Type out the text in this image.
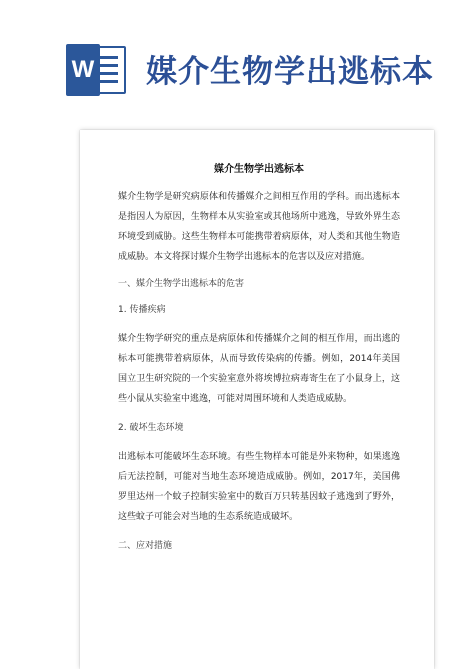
W 媒介生物学出逃标本
媒介生物学出逃标本

媒介生物学是研究病原体和传播媒介之间相互作用的学科。而出逃标本是指因人为原因，生物样本从实验室或其他场所中逃逸，导致外界生态环境受到威胁。这些生物样本可能携带着病原体，对人类和其他生物造成威胁。本文将探讨媒介生物学出逃标本的危害以及应对措施。

一、媒介生物学出逃标本的危害
1. 传播疾病

媒介生物学研究的重点是病原体和传播媒介之间的相互作用，而出逃的标本可能携带着病原体，从而导致传染病的传播。例如，2014年美国国立卫生研究院的一个实验室意外将埃博拉病毒寄生在了小鼠身上，这些小鼠从实验室中逃逸，可能对周围环境和人类造成威胁。

2. 破坏生态环境

出逃标本可能破坏生态环境。有些生物样本可能是外来物种，如果逃逸后无法控制，可能对当地生态环境造成威胁。例如，2017年，美国佛罗里达州一个蚊子控制实验室中的数百万只转基因蚊子逃逸到了野外，这些蚊子可能会对当地的生态系统造成破坏。

二、应对措施
